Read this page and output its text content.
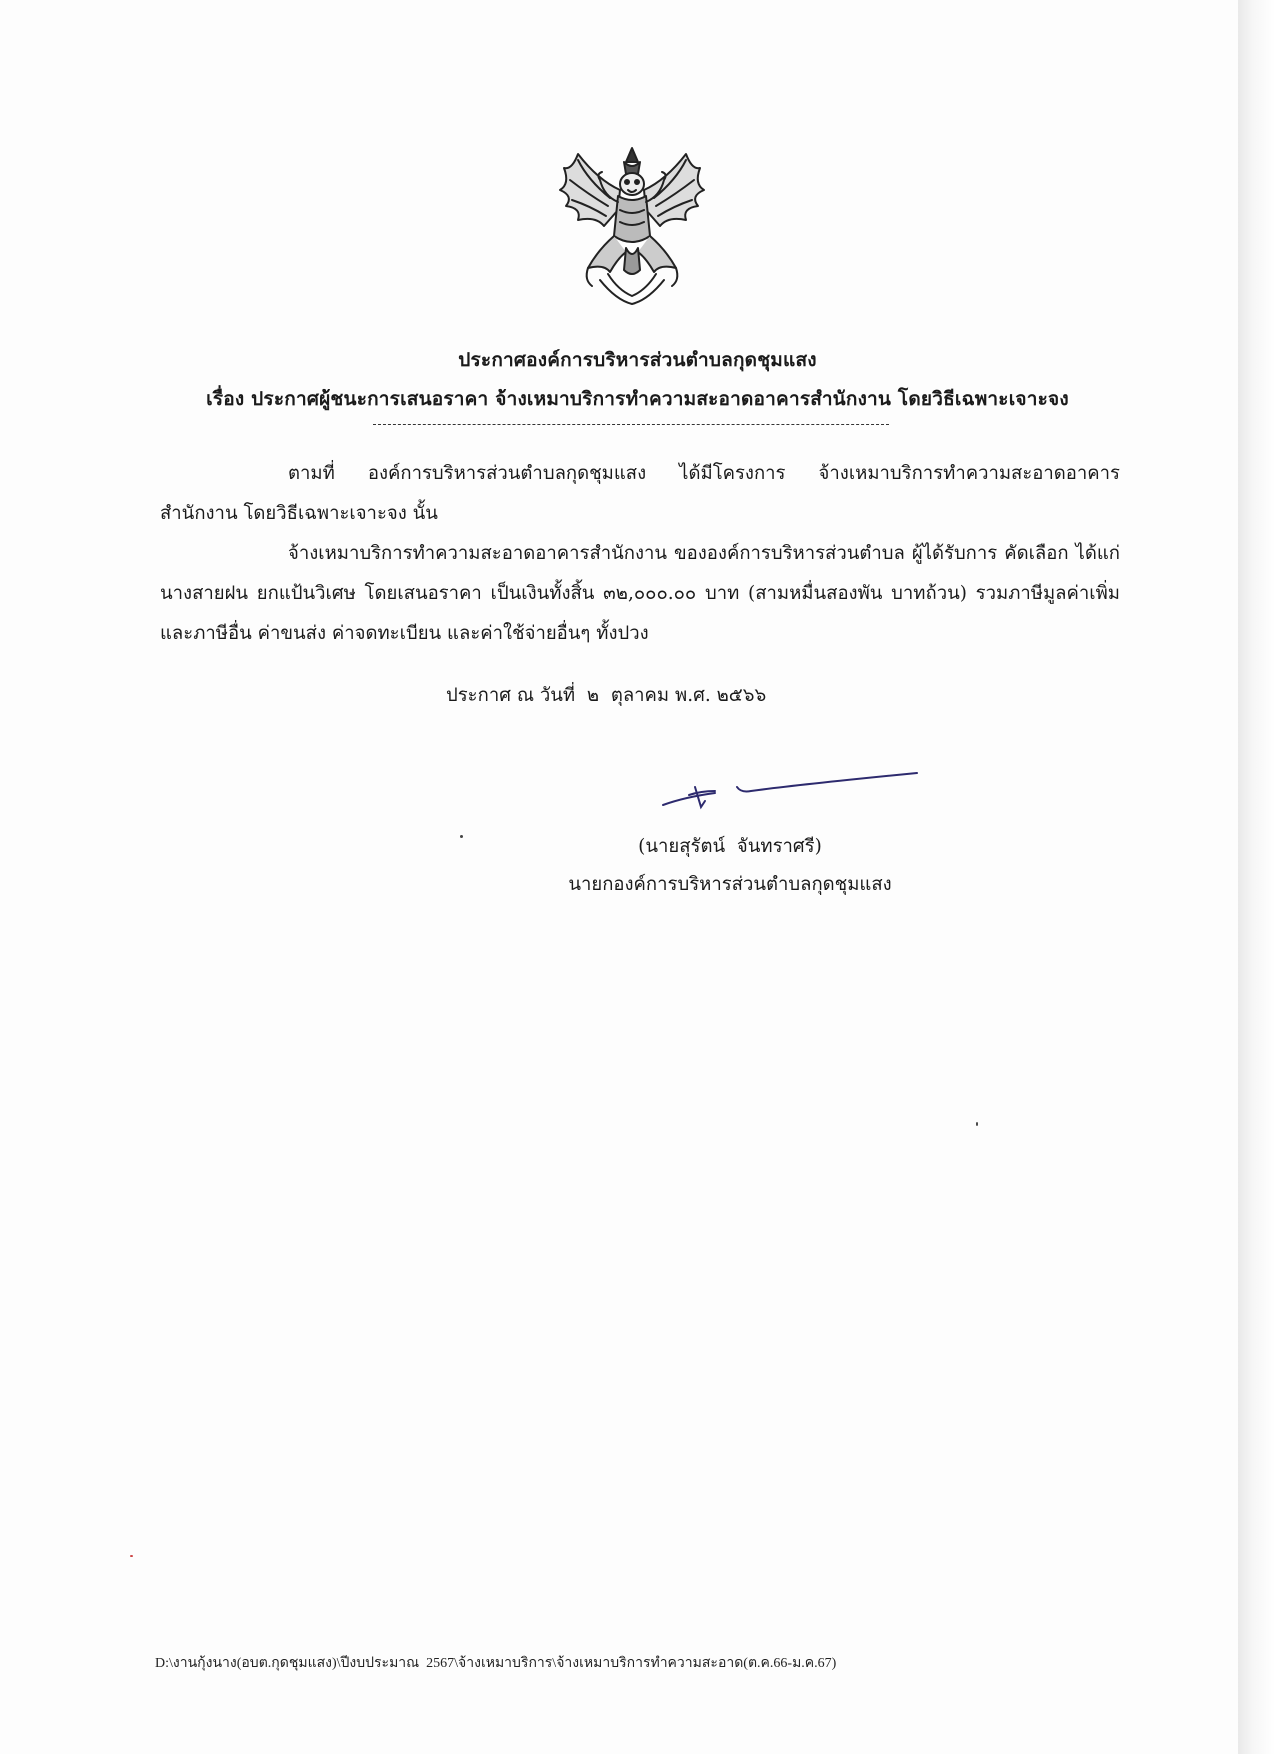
ประกาศองค์การบริหารส่วนตำบลกุดชุมแสง
เรื่อง ประกาศผู้ชนะการเสนอราคา จ้างเหมาบริการทำความสะอาดอาคารสำนักงาน โดยวิธีเฉพาะเจาะจง
ตามที่ องค์การบริหารส่วนตำบลกุดชุมแสง ได้มีโครงการ จ้างเหมาบริการทำความสะอาดอาคาร สำนักงาน โดยวิธีเฉพาะเจาะจง นั้น
จ้างเหมาบริการทำความสะอาดอาคารสำนักงาน ขององค์การบริหารส่วนตำบล ผู้ได้รับการ คัดเลือก ได้แก่ นางสายฝน ยกแป้นวิเศษ โดยเสนอราคา เป็นเงินทั้งสิ้น ๓๒,๐๐๐.๐๐ บาท (สามหมื่นสองพัน บาทถ้วน) รวมภาษีมูลค่าเพิ่มและภาษีอื่น ค่าขนส่ง ค่าจดทะเบียน และค่าใช้จ่ายอื่นๆ ทั้งปวง
ประกาศ ณ วันที่  ๒  ตุลาคม พ.ศ. ๒๕๖๖
(นายสุรัตน์  จันทราศรี)
นายกองค์การบริหารส่วนตำบลกุดชุมแสง
D:\งานกุ้งนาง(อบต.กุดชุมแสง)\ปีงบประมาณ  2567\จ้างเหมาบริการ\จ้างเหมาบริการทำความสะอาด(ต.ค.66-ม.ค.67)
